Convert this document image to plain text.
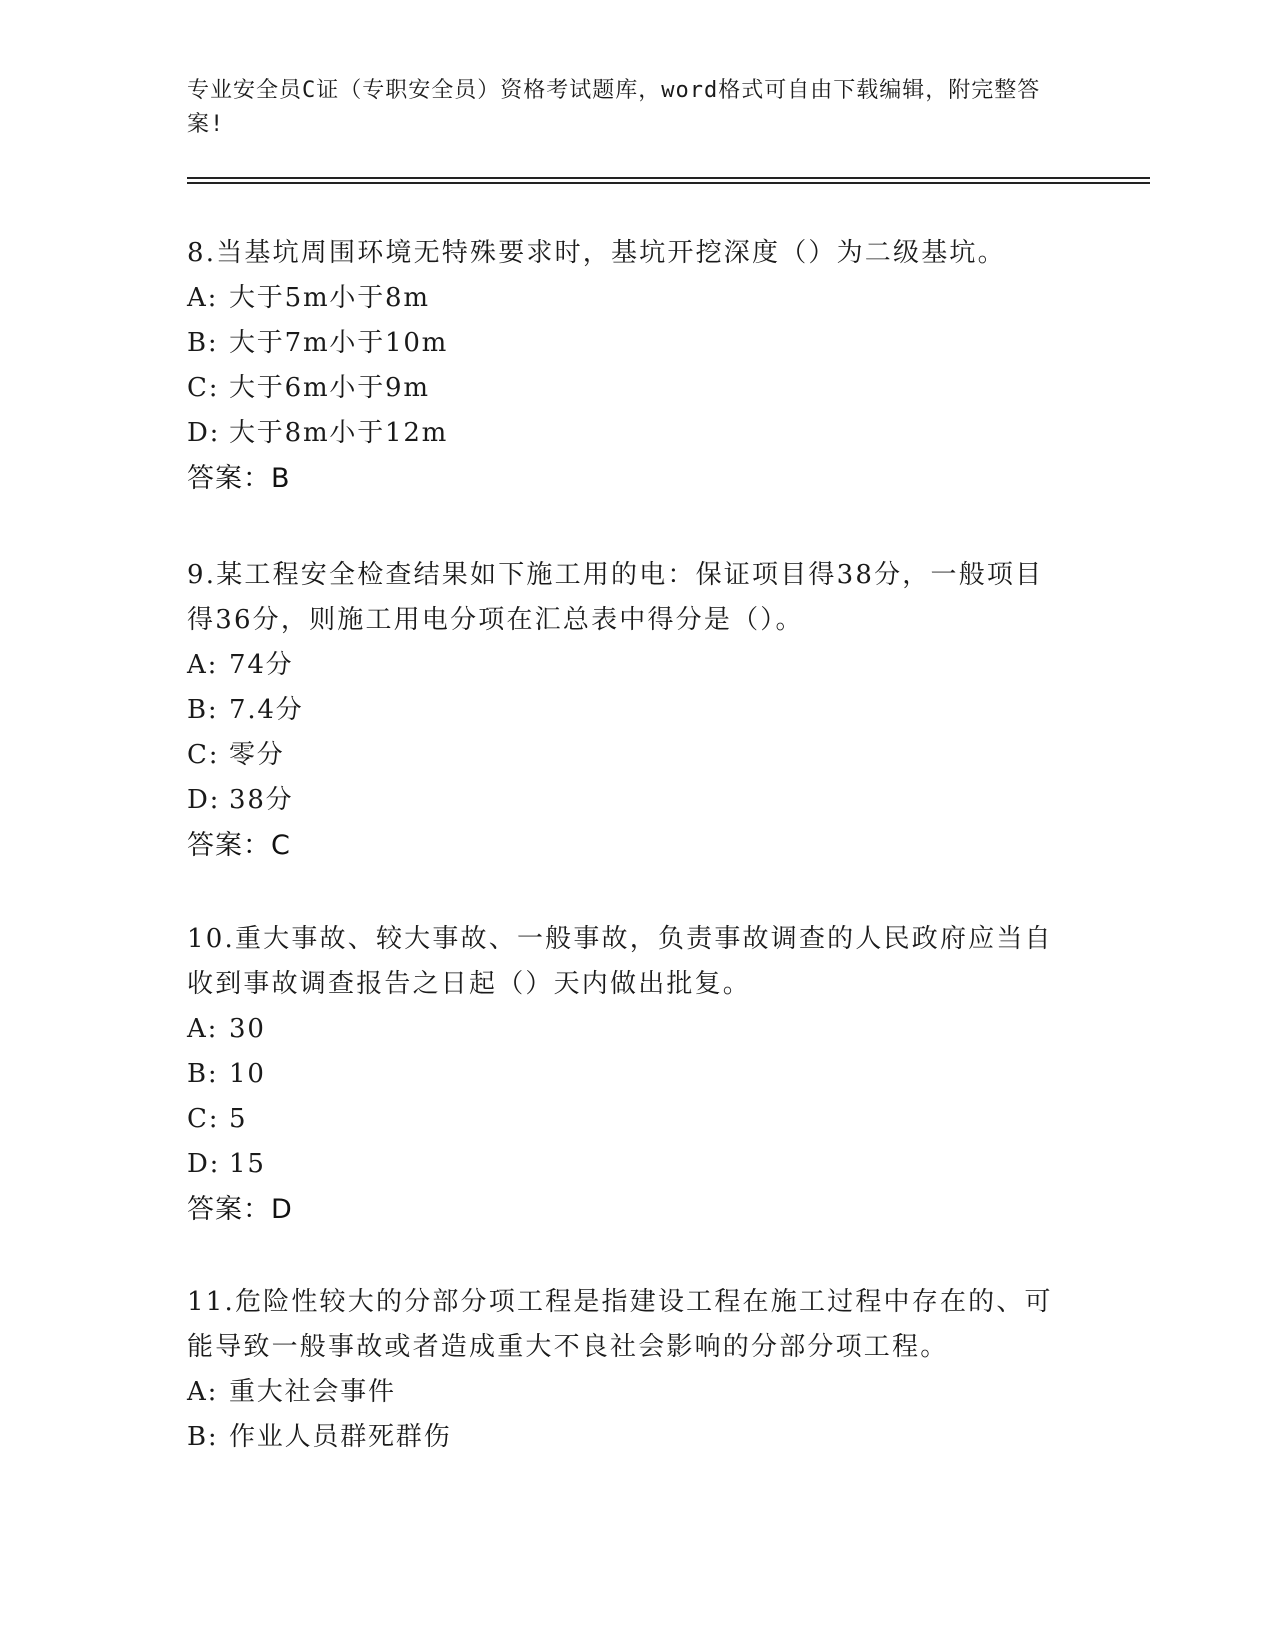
专业安全员C证（专职安全员）资格考试题库，word格式可自由下载编辑，附完整答案!

8.当基坑周围环境无特殊要求时，基坑开挖深度（）为二级基坑。

A: 大于5m小于8m

B: 大于7m小于10m

C: 大于6m小于9m

D: 大于8m小于12m

答案：B

9.某工程安全检查结果如下施工用的电：保证项目得38分，一般项目得36分，则施工用电分项在汇总表中得分是（）。

A: 74分

B: 7.4分

C: 零分

D: 38分

答案：C

10.重大事故、较大事故、一般事故，负责事故调查的人民政府应当自收到事故调查报告之日起（）天内做出批复。

A: 30

B: 10

C: 5

D: 15

答案：D

11.危险性较大的分部分项工程是指建设工程在施工过程中存在的、可能导致一般事故或者造成重大不良社会影响的分部分项工程。

A: 重大社会事件

B: 作业人员群死群伤
